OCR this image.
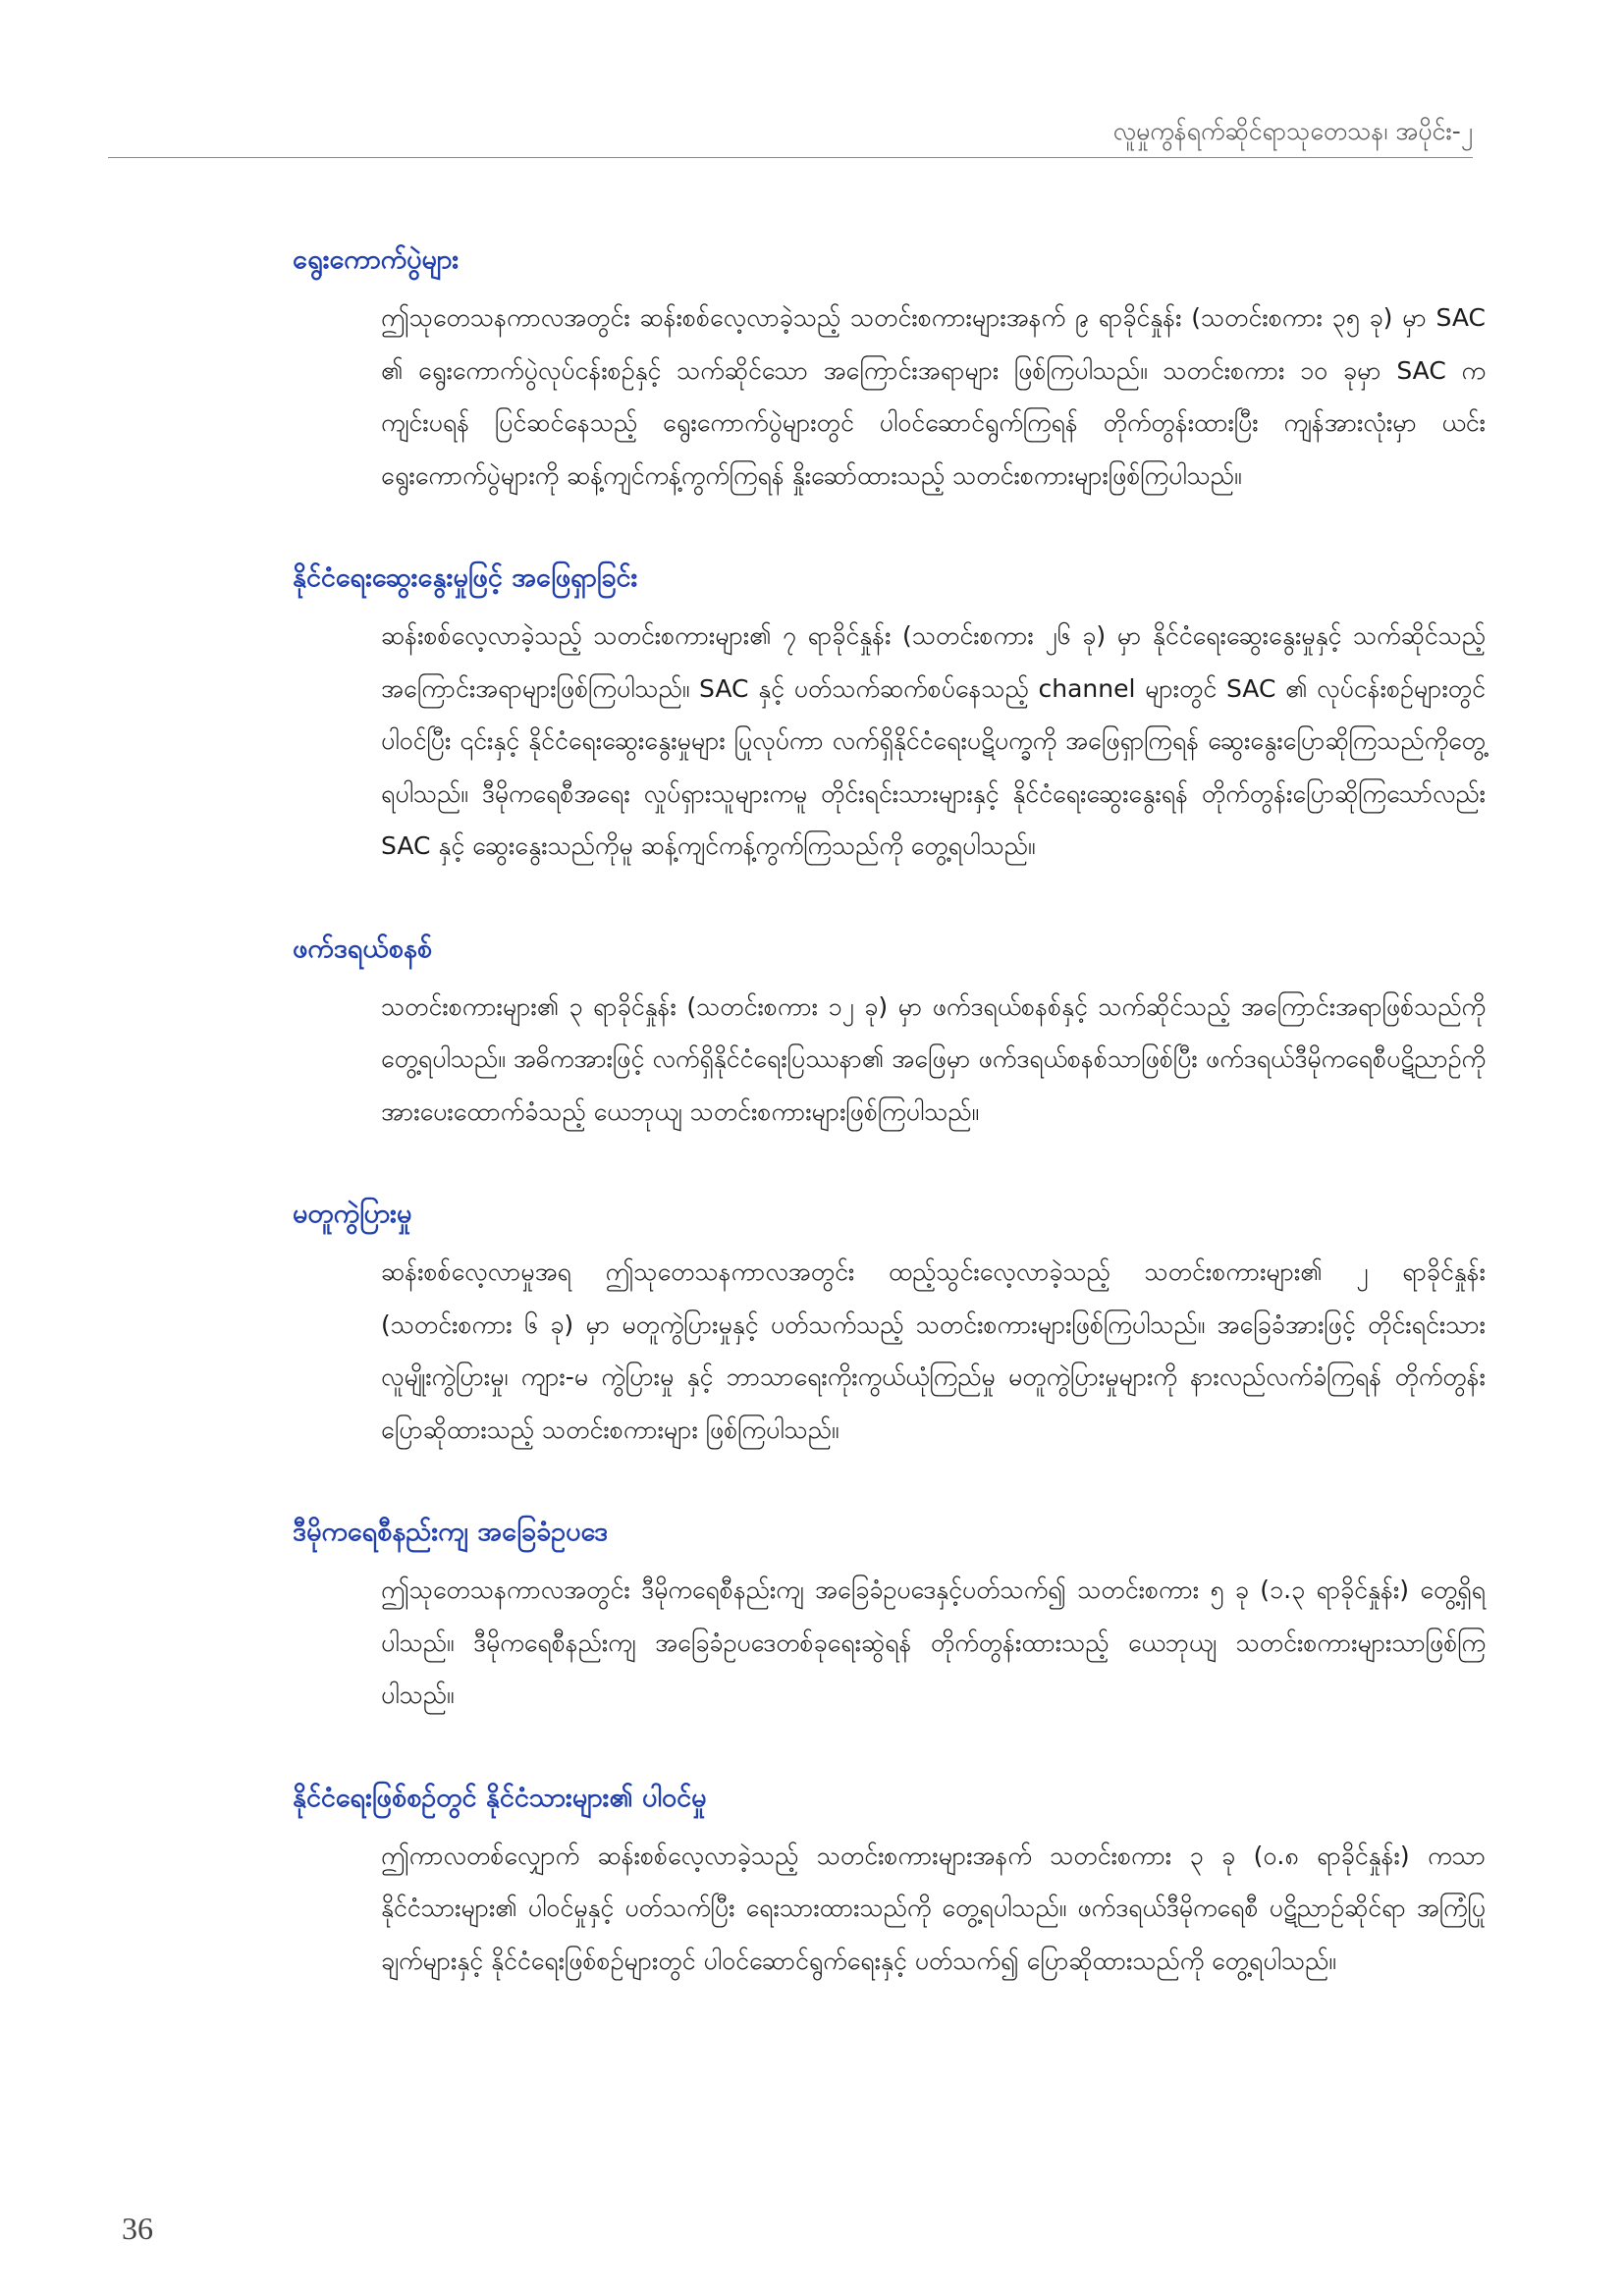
လူမှုကွန်ရက်ဆိုင်ရာသုတေသန၊ အပိုင်း-၂
ရွေးကောက်ပွဲများ

ဤသုတေသနကာလအတွင်း ဆန်းစစ်လေ့လာခဲ့သည့် သတင်းစကားများအနက် ၉ ရာခိုင်နှုန်း (သတင်းစကား ၃၅ ခု) မှာ SAC ၏ ရွေးကောက်ပွဲလုပ်ငန်းစဉ်နှင့် သက်ဆိုင်သော အကြောင်းအရာများ ဖြစ်ကြပါသည်။ သတင်းစကား ၁၀ ခုမှာ SAC က ကျင်းပရန် ပြင်ဆင်နေသည့် ရွေးကောက်ပွဲများတွင် ပါဝင်ဆောင်ရွက်ကြရန် တိုက်တွန်းထားပြီး ကျန်အားလုံးမှာ ယင်းရွေးကောက်ပွဲများကို ဆန့်ကျင်ကန့်ကွက်ကြရန် နှိုးဆော်ထားသည့် သတင်းစကားများဖြစ်ကြပါသည်။

နိုင်ငံရေးဆွေးနွေးမှုဖြင့် အဖြေရှာခြင်း

ဆန်းစစ်လေ့လာခဲ့သည့် သတင်းစကားများ၏ ၇ ရာခိုင်နှုန်း (သတင်းစကား ၂၆ ခု) မှာ နိုင်ငံရေးဆွေးနွေးမှုနှင့် သက်ဆိုင်သည့် အကြောင်းအရာများဖြစ်ကြပါသည်။ SAC နှင့် ပတ်သက်ဆက်စပ်နေသည့် channel များတွင် SAC ၏ လုပ်ငန်းစဉ်များတွင် ပါဝင်ပြီး ၎င်းနှင့် နိုင်ငံရေးဆွေးနွေးမှုများ ပြုလုပ်ကာ လက်ရှိနိုင်ငံရေးပဋိပက္ခကို အဖြေရှာကြရန် ဆွေးနွေးပြောဆိုကြသည်ကိုတွေ့ရပါသည်။ ဒီမိုကရေစီအရေး လှုပ်ရှားသူများကမူ တိုင်းရင်းသားများနှင့် နိုင်ငံရေးဆွေးနွေးရန် တိုက်တွန်းပြောဆိုကြသော်လည်း SAC နှင့် ဆွေးနွေးသည်ကိုမူ ဆန့်ကျင်ကန့်ကွက်ကြသည်ကို တွေ့ရပါသည်။

ဖက်ဒရယ်စနစ်

သတင်းစကားများ၏ ၃ ရာခိုင်နှုန်း (သတင်းစကား ၁၂ ခု) မှာ ဖက်ဒရယ်စနစ်နှင့် သက်ဆိုင်သည့် အကြောင်းအရာဖြစ်သည်ကို တွေ့ရပါသည်။ အဓိကအားဖြင့် လက်ရှိနိုင်ငံရေးပြဿနာ၏ အဖြေမှာ ဖက်ဒရယ်စနစ်သာဖြစ်ပြီး ဖက်ဒရယ်ဒီမိုကရေစီပဋိညာဉ်ကို အားပေးထောက်ခံသည့် ယေဘုယျ သတင်းစကားများဖြစ်ကြပါသည်။

မတူကွဲပြားမှု

ဆန်းစစ်လေ့လာမှုအရ ဤသုတေသနကာလအတွင်း ထည့်သွင်းလေ့လာခဲ့သည့် သတင်းစကားများ၏ ၂ ရာခိုင်နှုန်း (သတင်းစကား ၆ ခု) မှာ မတူကွဲပြားမှုနှင့် ပတ်သက်သည့် သတင်းစကားများဖြစ်ကြပါသည်။ အခြေခံအားဖြင့် တိုင်းရင်းသားလူမျိုးကွဲပြားမှု၊ ကျား-မ ကွဲပြားမှု နှင့် ဘာသာရေးကိုးကွယ်ယုံကြည်မှု မတူကွဲပြားမှုများကို နားလည်လက်ခံကြရန် တိုက်တွန်းပြောဆိုထားသည့် သတင်းစကားများ ဖြစ်ကြပါသည်။

ဒီမိုကရေစီနည်းကျ အခြေခံဥပဒေ

ဤသုတေသနကာလအတွင်း ဒီမိုကရေစီနည်းကျ အခြေခံဥပဒေနှင့်ပတ်သက်၍ သတင်းစကား ၅ ခု (၁.၃ ရာခိုင်နှုန်း) တွေ့ရှိရပါသည်။ ဒီမိုကရေစီနည်းကျ အခြေခံဥပဒေတစ်ခုရေးဆွဲရန် တိုက်တွန်းထားသည့် ယေဘုယျ သတင်းစကားများသာဖြစ်ကြပါသည်။

နိုင်ငံရေးဖြစ်စဉ်တွင် နိုင်ငံသားများ၏ ပါဝင်မှု

ဤကာလတစ်လျှောက် ဆန်းစစ်လေ့လာခဲ့သည့် သတင်းစကားများအနက် သတင်းစကား ၃ ခု (၀.၈ ရာခိုင်နှုန်း) ကသာ နိုင်ငံသားများ၏ ပါဝင်မှုနှင့် ပတ်သက်ပြီး ရေးသားထားသည်ကို တွေ့ရပါသည်။ ဖက်ဒရယ်ဒီမိုကရေစီ ပဋိညာဉ်ဆိုင်ရာ အကြံပြုချက်များနှင့် နိုင်ငံရေးဖြစ်စဉ်များတွင် ပါဝင်ဆောင်ရွက်ရေးနှင့် ပတ်သက်၍ ပြောဆိုထားသည်ကို တွေ့ရပါသည်။

36
